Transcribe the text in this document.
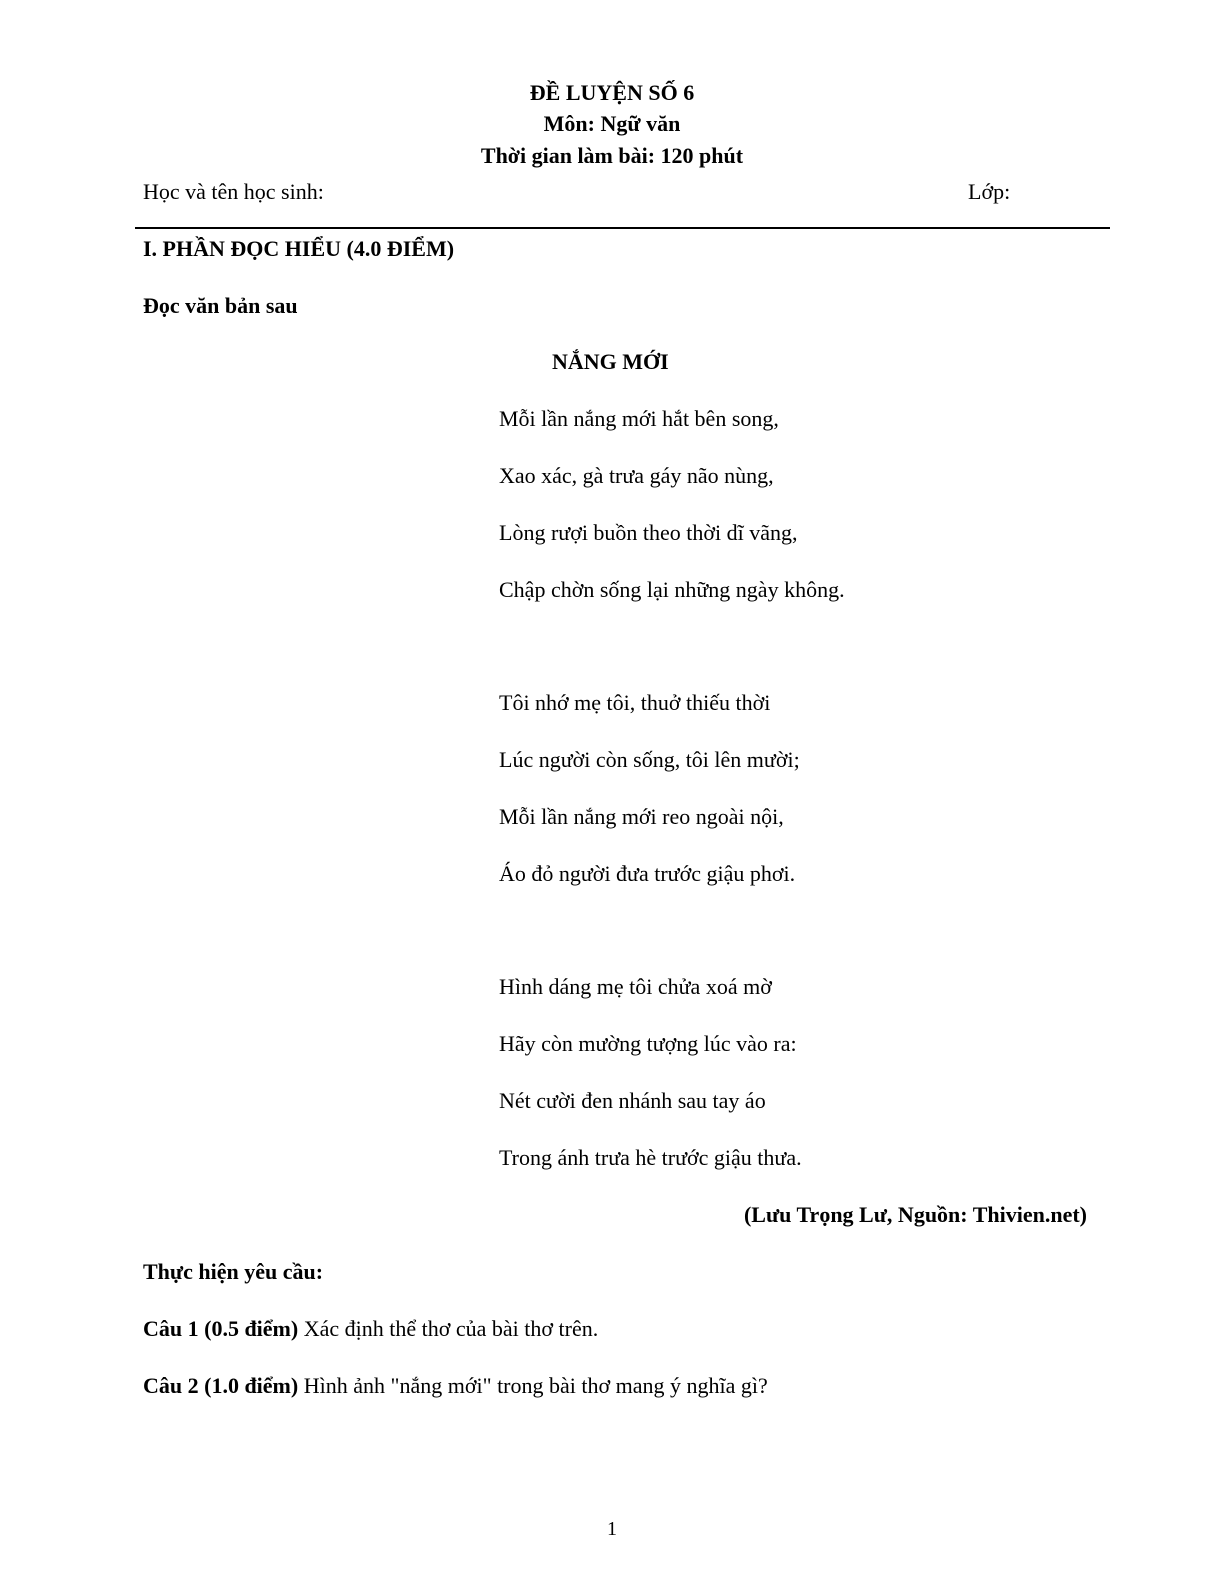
ĐỀ LUYỆN SỐ 6
Môn: Ngữ văn
Thời gian làm bài: 120 phút
Học và tên học sinh:	Lớp:
I. PHẦN ĐỌC HIỂU (4.0 ĐIỂM)
Đọc văn bản sau
NẮNG MỚI
Mỗi lần nắng mới hắt bên song,
Xao xác, gà trưa gáy não nùng,
Lòng rượi buồn theo thời dĩ vãng,
Chập chờn sống lại những ngày không.
Tôi nhớ mẹ tôi, thuở thiếu thời
Lúc người còn sống, tôi lên mười;
Mỗi lần nắng mới reo ngoài nội,
Áo đỏ người đưa trước giậu phơi.
Hình dáng mẹ tôi chửa xoá mờ
Hãy còn mường tượng lúc vào ra:
Nét cười đen nhánh sau tay áo
Trong ánh trưa hè trước giậu thưa.
(Lưu Trọng Lư, Nguồn: Thivien.net)
Thực hiện yêu cầu:
Câu 1 (0.5 điểm) Xác định thể thơ của bài thơ trên.
Câu 2 (1.0 điểm) Hình ảnh "nắng mới" trong bài thơ mang ý nghĩa gì?
1
